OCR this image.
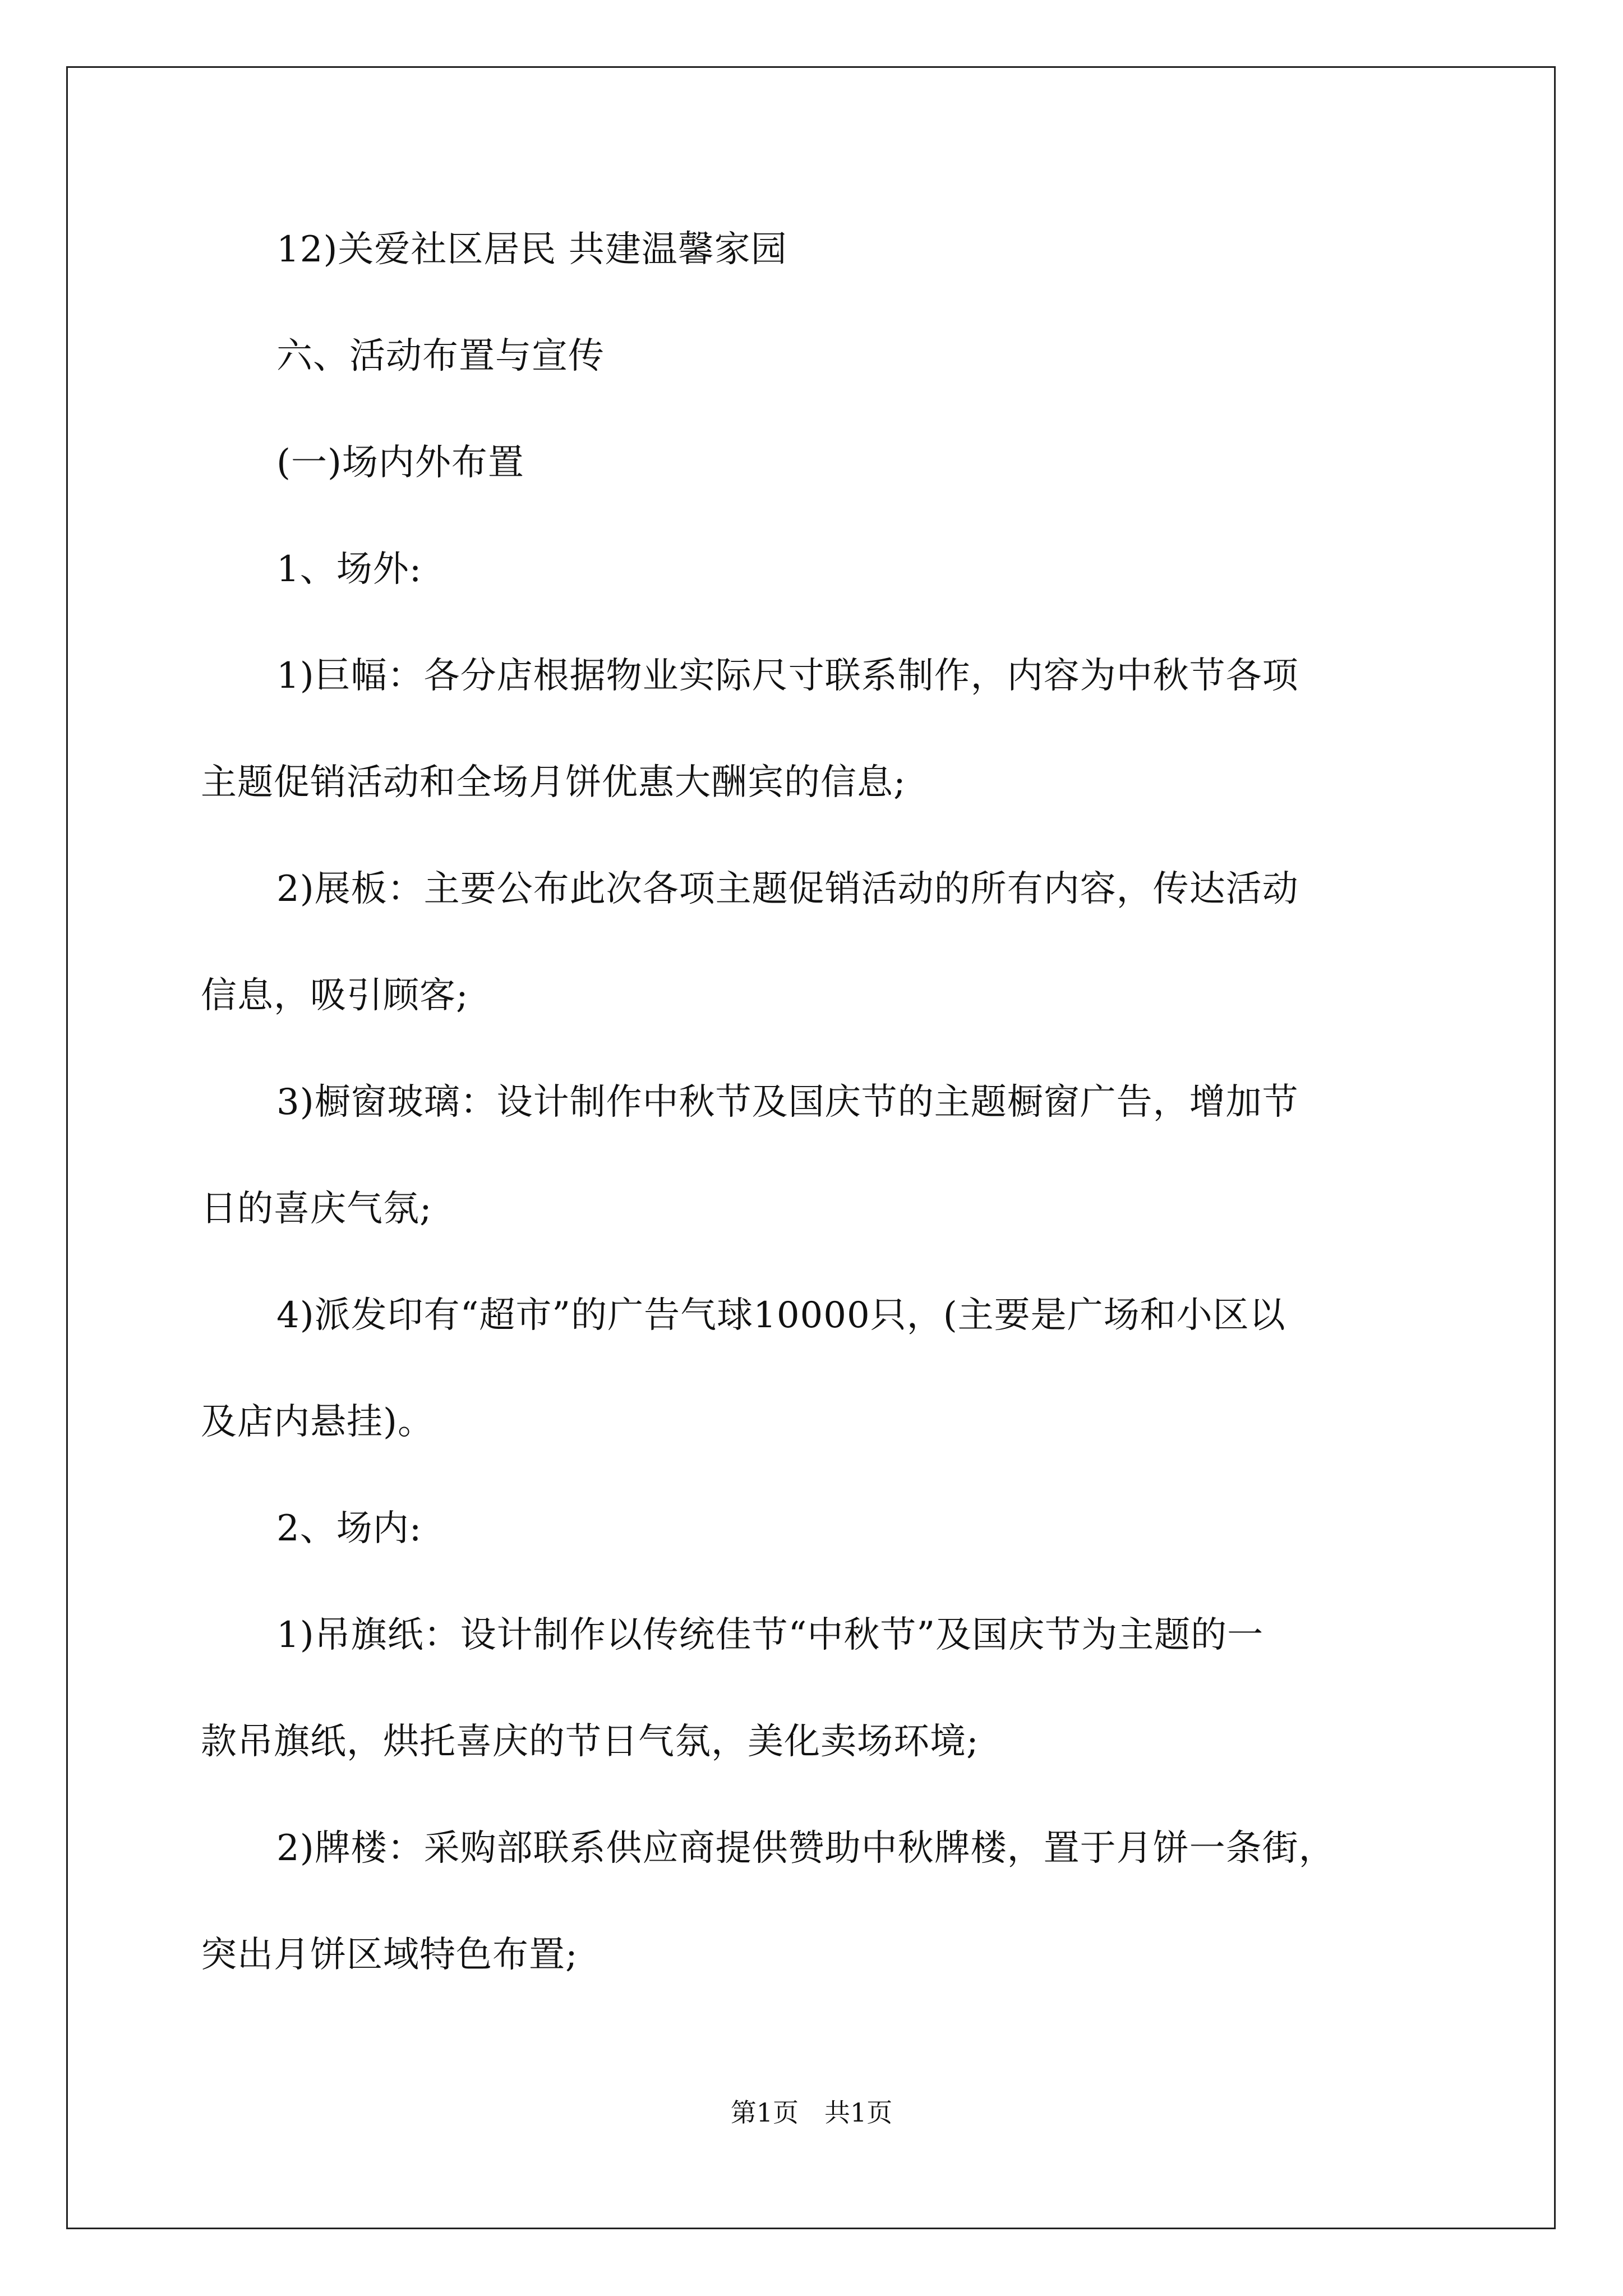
12)关爱社区居民 共建温馨家园
六、活动布置与宣传
(一)场内外布置
1、场外:
1)巨幅：各分店根据物业实际尺寸联系制作，内容为中秋节各项
主题促销活动和全场月饼优惠大酬宾的信息;
2)展板：主要公布此次各项主题促销活动的所有内容，传达活动
信息，吸引顾客;
3)橱窗玻璃：设计制作中秋节及国庆节的主题橱窗广告，增加节
日的喜庆气氛;
4)派发印有“超市”的广告气球10000只，(主要是广场和小区以
及店内悬挂)。
2、场内:
1)吊旗纸：设计制作以传统佳节“中秋节”及国庆节为主题的一
款吊旗纸，烘托喜庆的节日气氛，美化卖场环境;
2)牌楼：采购部联系供应商提供赞助中秋牌楼，置于月饼一条街，
突出月饼区域特色布置;
第1页　共1页
